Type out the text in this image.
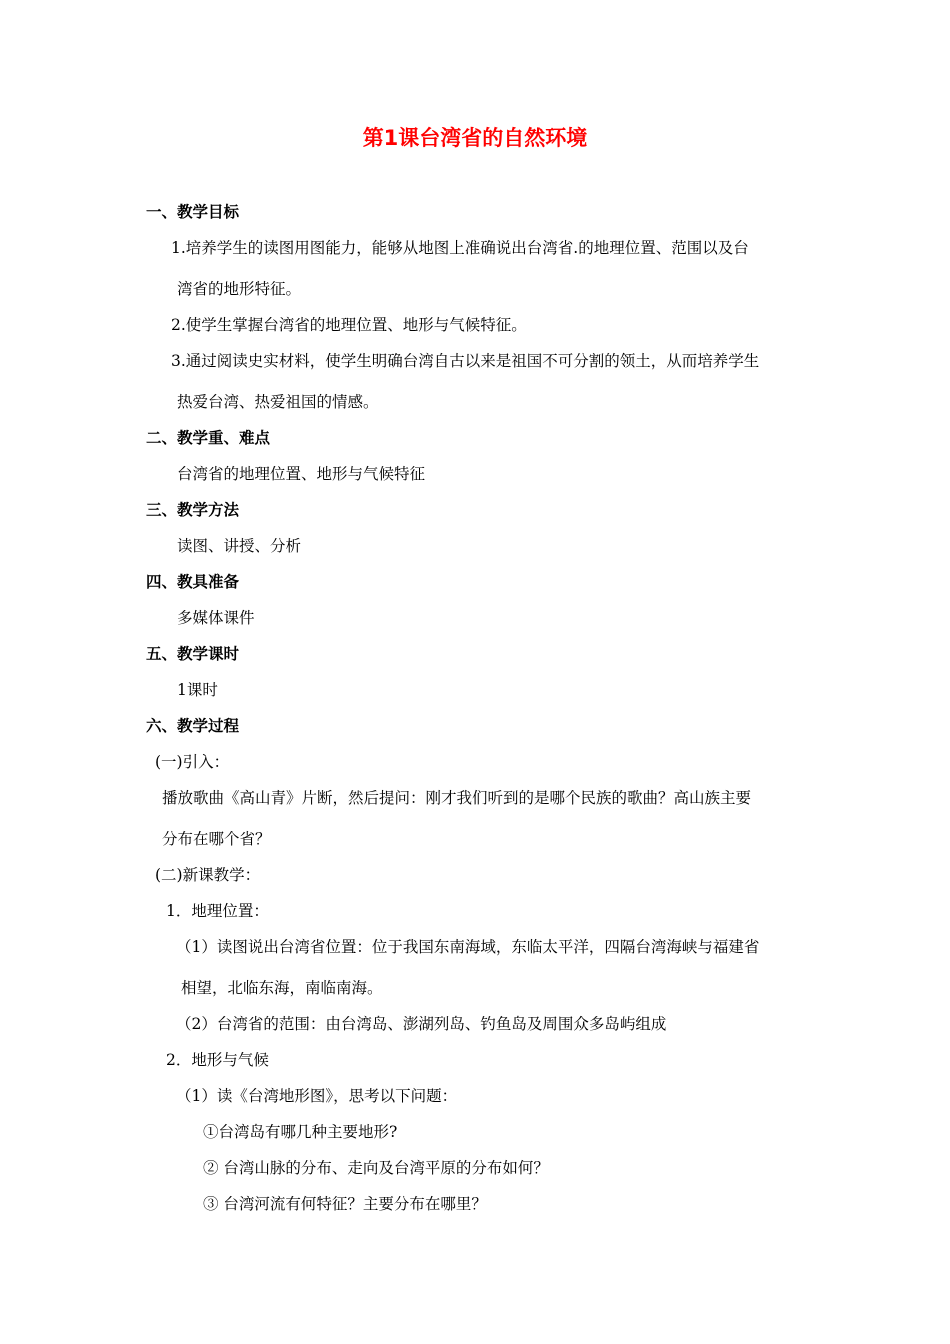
第1课台湾省的自然环境
一、教学目标
1.培养学生的读图用图能力，能够从地图上准确说出台湾省.的地理位置、范围以及台
湾省的地形特征。
2.使学生掌握台湾省的地理位置、地形与气候特征。
3.通过阅读史实材料，使学生明确台湾自古以来是祖国不可分割的领土，从而培养学生
热爱台湾、热爱祖国的情感。
二、教学重、难点
台湾省的地理位置、地形与气候特征
三、教学方法
读图、讲授、分析
四、教具准备
多媒体课件
五、教学课时
1课时
六、教学过程
(一)引入：
播放歌曲《高山青》片断，然后提问：刚才我们听到的是哪个民族的歌曲？高山族主要
分布在哪个省？
(二)新课教学：
1．地理位置：
（1）读图说出台湾省位置：位于我国东南海域，东临太平洋，四隔台湾海峡与福建省
相望，北临东海，南临南海。
（2）台湾省的范围：由台湾岛、澎湖列岛、钓鱼岛及周围众多岛屿组成
2．地形与气候
（1）读《台湾地形图》，思考以下问题：
①台湾岛有哪几种主要地形?
② 台湾山脉的分布、走向及台湾平原的分布如何？
③ 台湾河流有何特征？主要分布在哪里？
